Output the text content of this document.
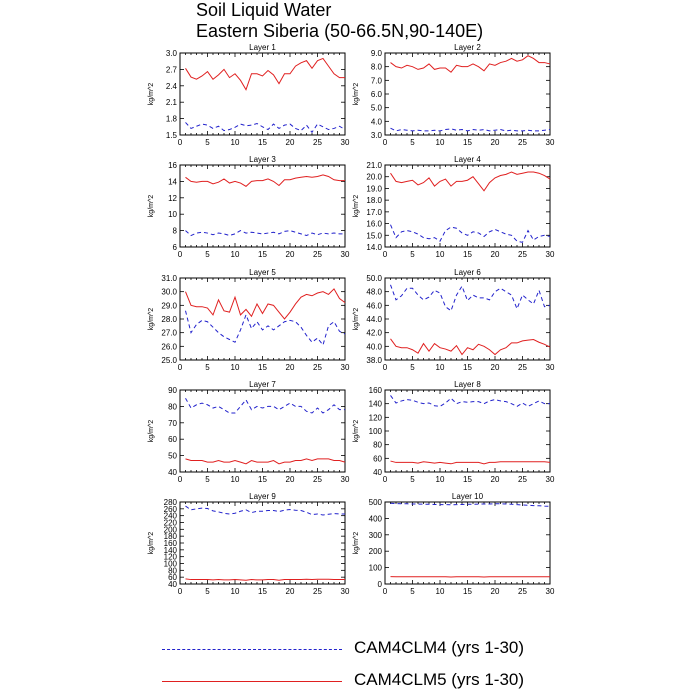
Soil Liquid Water
Eastern Siberia (50-66.5N,90-140E)
Layer 1
0	5	10 15 20 25 30
1.5
1.8
2.1
2.4
2.7
3.0
kg/m^2
Layer 2
0	5	10 15 20 25 30
3.0
4.0
5.0
6.0
7.0
8.0
9.0
kg/m^2
Layer 3
0	5	10 15 20 25 30
6
8
10
12
14
16
kg/m^2
Layer 4
0	5	10 15 20 25 30
14.0
15.0
16.0
17.0
18.0
19.0
20.0
21.0
kg/m^2
Layer 5
0	5	10 15 20 25 30
25.0
26.0
27.0
28.0
29.0
30.0
31.0
kg/m^2
Layer 6
0	5	10 15 20 25 30
38.0
40.0
42.0
44.0
46.0
48.0
50.0
kg/m^2
Layer 7
0	5	10 15 20 25 30
40
50
60
70
80
90
kg/m^2
Layer 8
0	5	10 15 20 25 30
40
60
80
100
120
140
160
kg/m^2
Layer 9
0	5	10 15 20 25 30
40
60
80
100
120
140
160
180
200
220
240
260
280
kg/m^2
Layer 10
0	5	10 15 20 25 30
0
100
200
300
400
500
kg/m^2
CAM4CLM4 (yrs 1-30)
CAM4CLM5 (yrs 1-30)
